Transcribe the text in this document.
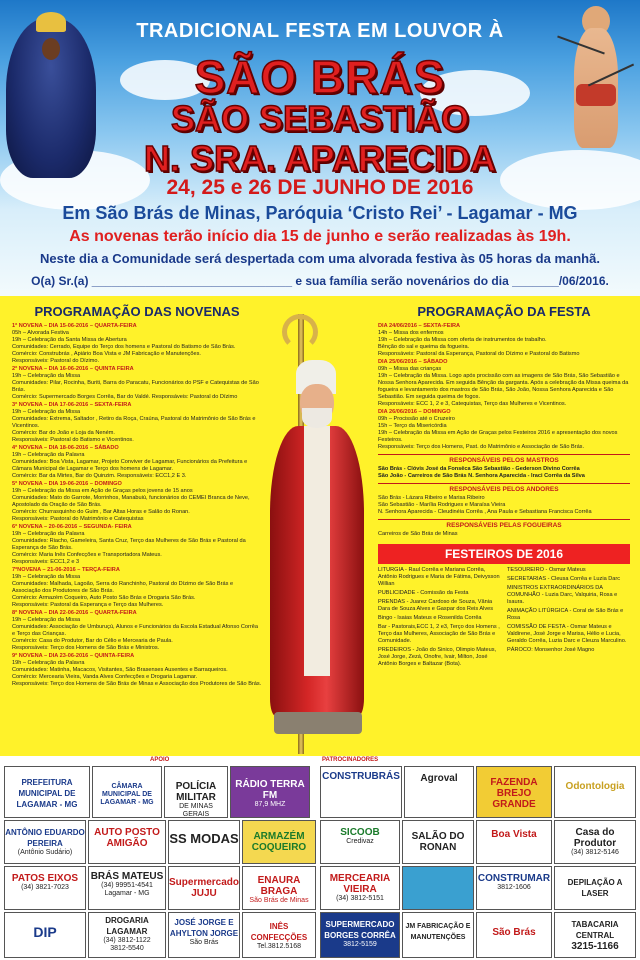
TRADICIONAL FESTA EM LOUVOR À
SÃO BRÁS
SÃO SEBASTIÃO
N. SRA. APARECIDA
24, 25 e 26 DE JUNHO DE 2016
Em São Brás de Minas, Paróquia ‘Cristo Rei’ - Lagamar - MG
As novenas terão início dia 15 de junho e serão realizadas às 19h.
Neste dia a Comunidade será despertada com uma alvorada festiva às 05 horas da manhã.
O(a) Sr.(a) ______________________________ e sua família serão novenários do dia _______/06/2016.
PROGRAMAÇÃO DAS NOVENAS
1ª NOVENA – DIA 15-06-2016 – QUARTA-FEIRA
05h – Alvorada Festiva
19h – Celebração da Santa Missa de Abertura
Comunidades: Cerrado, Equipe do Terço dos homens e Pastoral do Batismo de São Brás.
Comércio: Construbrás , Apiário Boa Vista e JM Fabricação e Manutenções.
Responsáveis: Pastoral do Dízimo.
2ª NOVENA – DIA 16-06-2016 – QUINTA FEIRA
19h – Celebração da Missa
Comunidades: Pilar, Rocinha, Buriti, Barra do Paracatu, Funcionários do PSF e Catequistas de São Brás.
Comércio: Supermercado Borges Corrêa, Bar do Valdé. Responsáveis: Pastoral do Dízimo
3ª NOVENA – DIA 17-06-2016 – SEXTA-FEIRA
19h – Celebração da Missa
Comunidades: Extrema, Saltador , Retiro da Roça, Craúna, Pastoral do Matrimônio de São Brás e Vicentinos.
Comércio: Bar do João e Loja da Neném.
Responsáveis: Pastoral do Batismo e Vicentinos.
4ª NOVENA – DIA 18-06-2016 – SÁBADO
19h – Celebração da Palavra
Comunidades: Boa Vista, Lagamar, Projeto Conviver de Lagamar, Funcionários da Prefeitura e Câmara Municipal de Lagamar e Terço dos homens de Lagamar.
Comércio: Bar da Mirtes, Bar do Quinzim. Responsáveis: ECC1,2 E 3.
5ª NOVENA – DIA 19-06-2016 – DOMINGO
19h – Celebração da Missa em Ação de Graças pelos jovens de 15 anos
Comunidades: Mato do Garrote, Morrinhos, Manabuiú, funcionários do CEMEI Branca de Neve, Apostolado da Oração de São Brás.
Comércio: Churrasquinho do Guim , Bar Altas Horas e Salão do Ronan.
Responsáveis: Pastoral do Matrimônio e Catequistas
6ª NOVENA – 20-06-2016 – SEGUNDA- FEIRA
19h – Celebração da Palavra
Comunidades: Riacho, Gameleira, Santa Cruz, Terço das Mulheres de São Brás e Pastoral da Esperança de São Brás.
Comércio: Maria Inês Confecções e Transportadora Mateus.
Responsáveis: ECC1,2 e 3
7ªNOVENA – 21-06-2016 – TERÇA-FEIRA
19h – Celebração da Missa
Comunidades: Malhada, Lagoão, Serra do Ranchinho, Pastoral do Dízimo de São Brás e Associação dos Produtores de São Brás.
Comércio: Armazém Coqueiro, Auto Posto São Brás e Drogaria São Brás.
Responsáveis: Pastoral da Esperança e Terço das Mulheres.
8ª NOVENA – DIA 22-06-2016 – QUARTA-FEIRA
19h – Celebração da Missa
Comunidades: Associação de Umburuçú, Alunos e Funcionários da Escola Estadual Afonso Corrêa e Terço das Crianças.
Comércio: Casa do Produtor, Bar do Célio e Mercearia de Paula.
Responsáveis: Terço dos Homens de São Brás e Ministros.
9ª NOVENA – DIA 23-06-2016 – QUINTA-FEIRA
19h – Celebração da Palavra
Comunidades: Matinha, Macacos, Visitantes, São Brasenses Ausentes e Barraqueiros.
Comércio: Mercearia Vieira, Vanda Alves Confecções e Drogaria Lagamar.
Responsáveis: Terço dos Homens de São Brás de Minas e Associação dos Produtores de São Brás.
PROGRAMAÇÃO DA FESTA
DIA 24/06/2016 – SEXTA-FEIRA
14h – Missa dos enfermos
19h – Celebração da Missa com oferta de instrumentos de trabalho.
Bênção do sal e queima da fogueira.
Responsáveis: Pastoral da Esperança, Pastoral do Dízimo e Pastoral do Batismo
DIA 25/06/2016 – SÁBADO
09h – Missa das crianças
19h – Celebração da Missa. Logo após procissão com as imagens de São Brás, São Sebastião e Nossa Senhora Aparecida. Em seguida Bênção da garganta. Após a celebração da Missa queima da fogueira e levantamento dos mastros de São Brás, São João, Nossa Senhora Aparecida e São Sebastião. Em seguida queima de fogos.
Responsáveis: ECC 1, 2 e 3, Catequistas, Terço das Mulheres e Vicentinos.
DIA 26/06/2016 – DOMINGO
09h – Procissão até o Cruzeiro
15h – Terço da Misericórdia
19h – Celebração da Missa em Ação de Graças pelos Festeiros 2016 e apresentação dos novos Festeiros.
Responsáveis: Terço dos Homens, Past. do Matrimônio e Associação de São Brás.
RESPONSÁVEIS PELOS MASTROS
São Brás - Clóvis José da Fonsêca São Sebastião - Gederson Divino Corrêa
São João - Carreiros de São Brás N. Senhora Aparecida - Iraci Corrêa da Silva
RESPONSÁVEIS PELOS ANDORES
São Brás - Lázara Ribeiro e Marisa Ribeiro
São Sebastião - Marília Rodrigues e Maraísa Vieira
N. Senhora Aparecida - Cleudinéia Corrêa , Ana Paula e Sebastiana Francisca Corrêa
RESPONSÁVEIS PELAS FOGUEIRAS
Carreiros de São Brás de Minas
FESTEIROS DE 2016
LITURGIA - Raul Corrêa e Mariana Corrêa, Antônio Rodrigues e Maria de Fátima, Deivysson Willian
PUBLICIDADE - Comissão da Festa
PRENDAS - Juarez Cardoso de Souza, Vânia Dara de Souza Alves e Gaspar dos Reis Alves
Bingo - Isaias Mateus e Rosenilda Corrêa
Bar - Pastorais,ECC 1, 2 e3, Terço dos Homens , Terço das Mulheres, Associação de São Brás e Comunidade.
PREDEIROS - João do Sinico, Olimpio Mateus, José Jorge, Zezá, Onofre, Ivair, Milton, José Antônio Borges e Baltazar (Bota).
TESOUREIRO - Osmar Mateus
SECRETARIAS - Cleusa Corrêa e Luzia Darc
MINISTROS EXTRAORDINÁRIOS DA COMUNHÃO - Luzia Darc, Valquiria, Rosa e Isaura.
ANIMAÇÃO LITÚRGICA - Coral de São Brás e Rosa
COMISSÃO DE FESTA - Osmar Mateus e Valdirene, José Jorge e Marisa, Hélio e Lucia, Geraldo Corrêa, Luzia Darc e Cleuza Marculino.
PÁROCO: Monsenhor José Magno
APOIO	PATROCINADORES
PREFEITURA MUNICIPAL DE LAGAMAR - MG
CÂMARA MUNICIPAL DE LAGAMAR - MG
POLÍCIA MILITAR
DE MINAS GERAIS
RÁDIO TERRA FM
87,9 MHZ
CONSTRUBRÁS	Agroval	FAZENDA BREJO GRANDE
Odontologia
ANTÔNIO EDUARDO PEREIRA
(Antônio Sudário)
AUTO POSTO AMIGÃO	SS MODAS	ARMAZÉM COQUEIRO
SICOOB
Credivaz	SALÃO DO RONAN
Boa Vista	Casa do Produtor
(34) 3812-5146
PATOS EIXOS
(34) 3821-7023
BRÁS MATEUS
(34) 99951-4541
Lagamar - MG
Supermercado JUJU
ENAURA BRAGA
São Brás de Minas
MERCEARIA VIEIRA
(34) 3812-5151
CONSTRUMAR
3812-1606
DEPILAÇÃO A LASER
DIP
DROGARIA LAGAMAR
(34) 3812-1122
3812-5540
JOSÉ JORGE E AHYLTON JORGE
São Brás
INÊS CONFECÇÕES
Tel.3812.5168
SUPERMERCADO BORGES CORRÊA
3812-5159
JM FABRICAÇÃO E MANUTENÇÕES	São Brás
TABACARIA CENTRAL
3215-1166
